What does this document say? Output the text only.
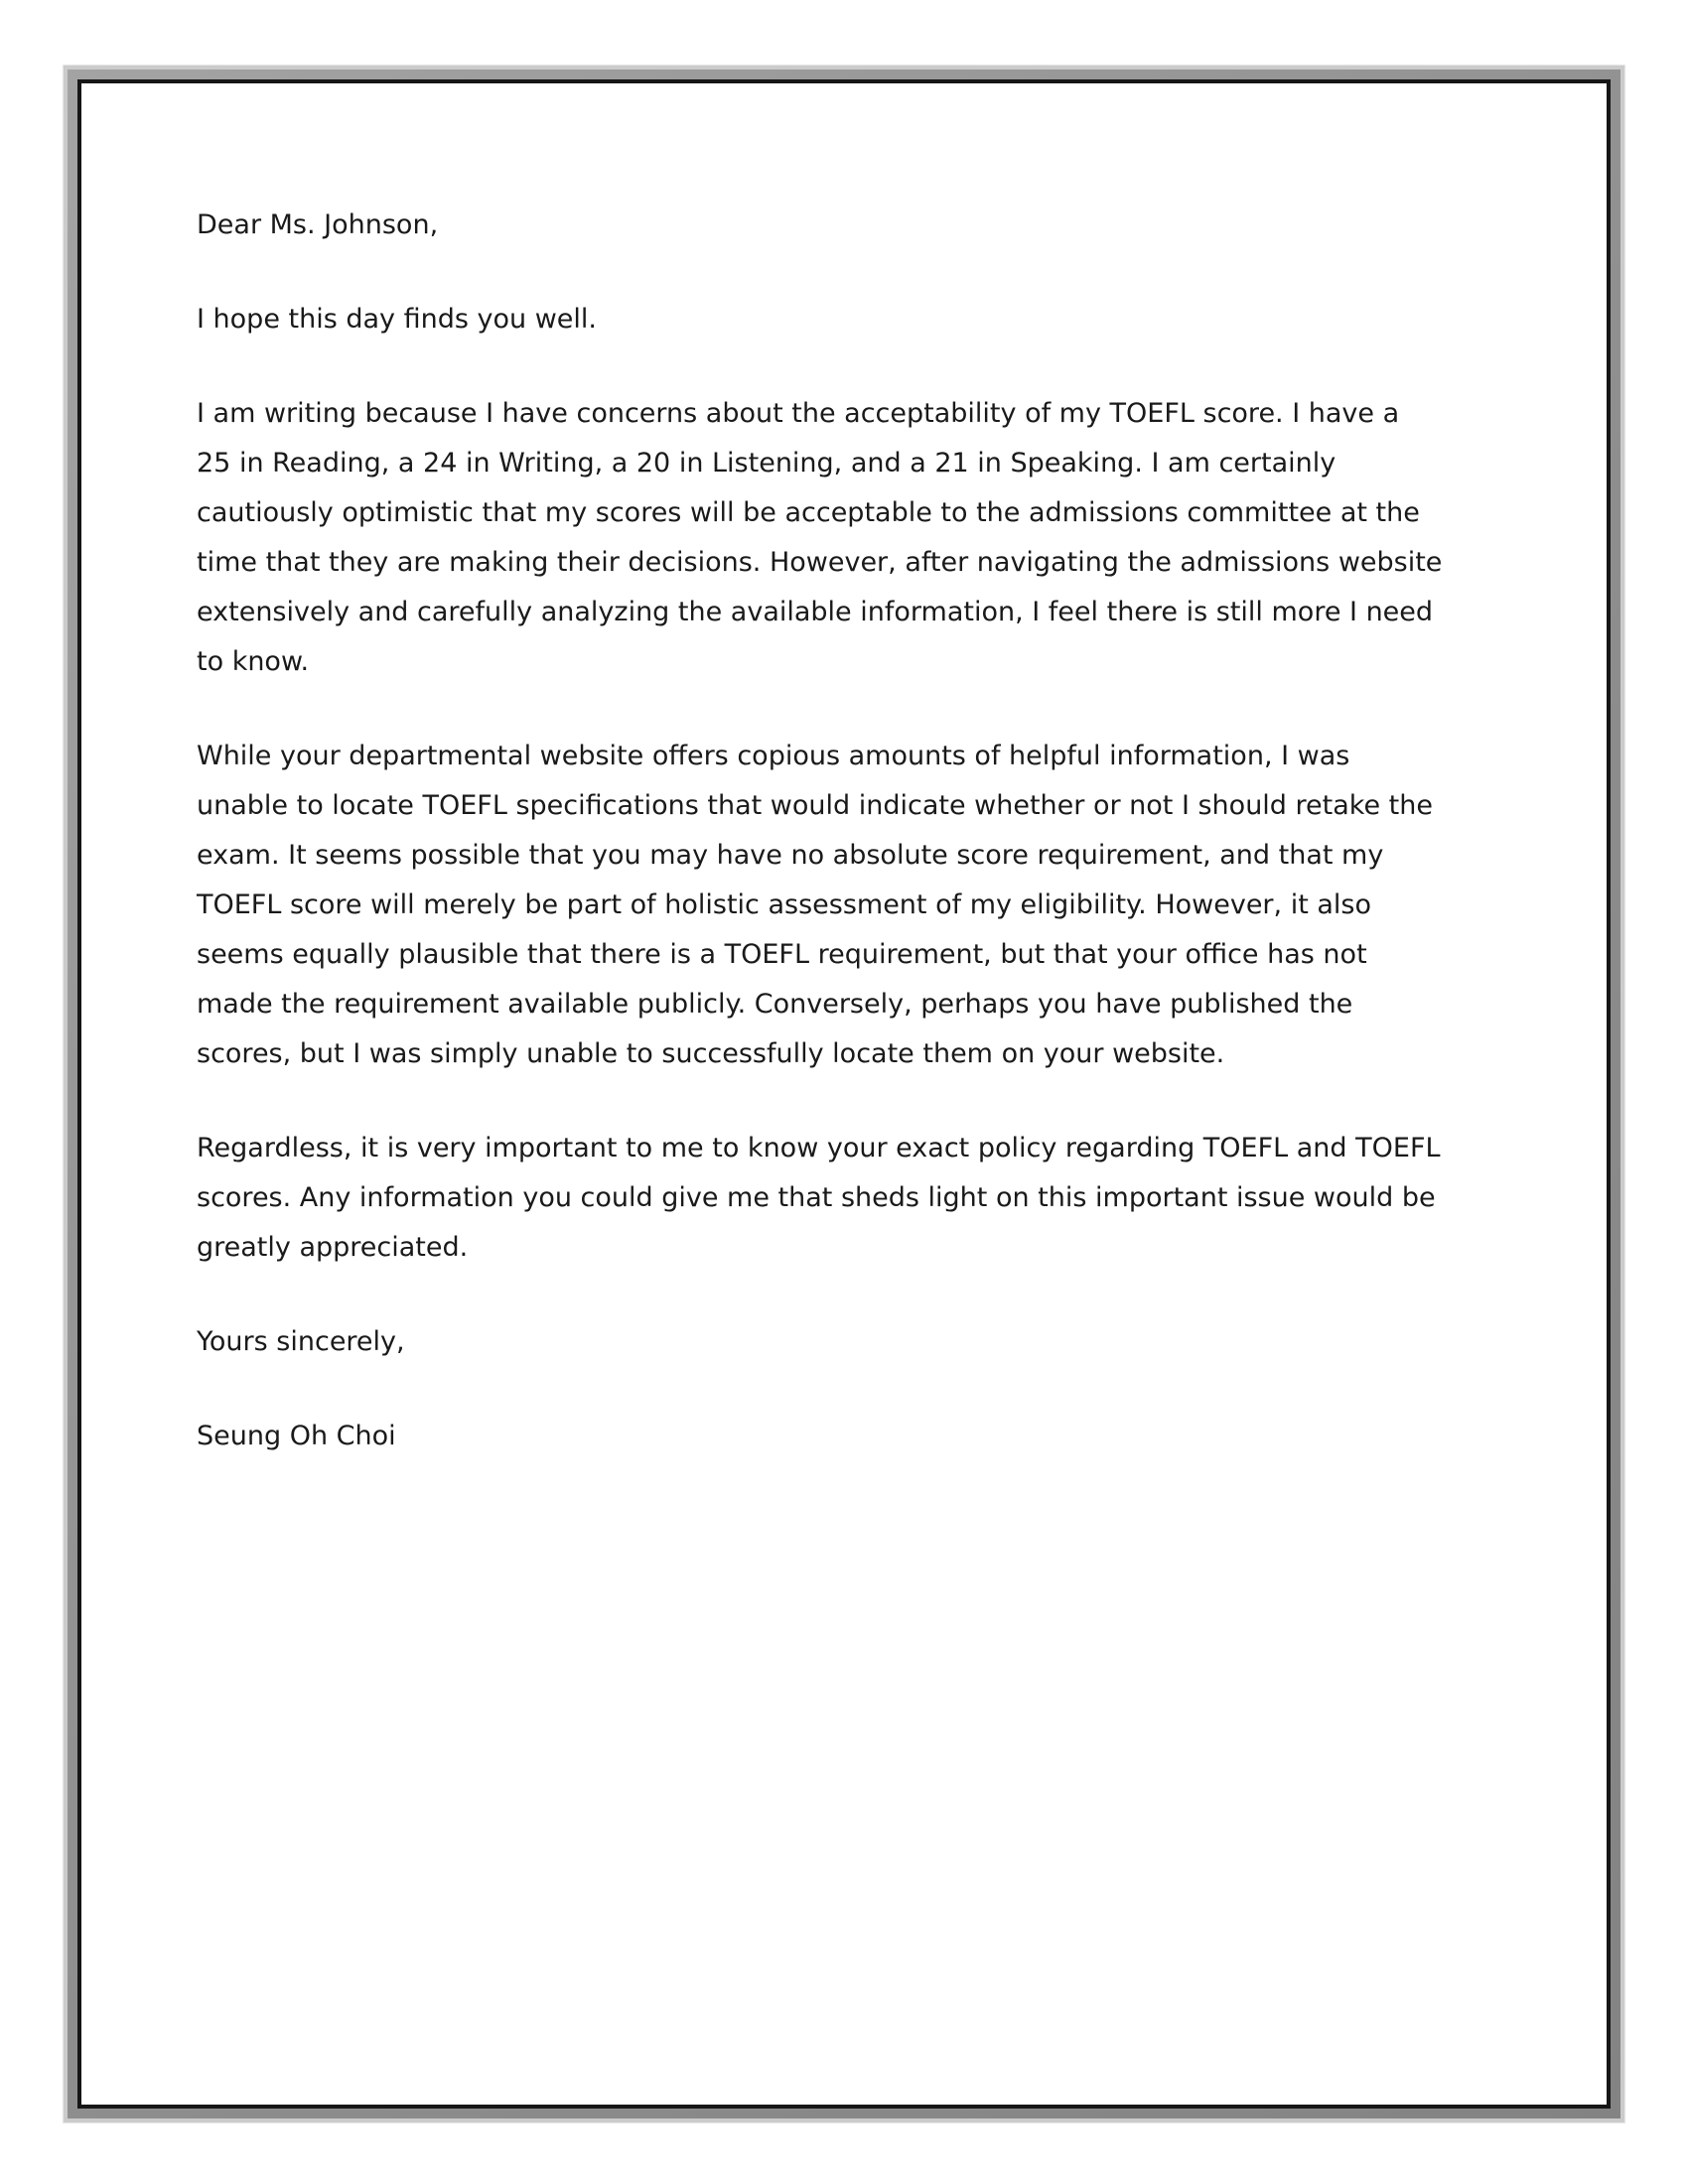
Dear Ms. Johnson,

I hope this day finds you well.

I am writing because I have concerns about the acceptability of my TOEFL score. I have a
25 in Reading, a 24 in Writing, a 20 in Listening, and a 21 in Speaking. I am certainly
cautiously optimistic that my scores will be acceptable to the admissions committee at the
time that they are making their decisions. However, after navigating the admissions website
extensively and carefully analyzing the available information, I feel there is still more I need
to know.

While your departmental website offers copious amounts of helpful information, I was
unable to locate TOEFL specifications that would indicate whether or not I should retake the
exam. It seems possible that you may have no absolute score requirement, and that my
TOEFL score will merely be part of holistic assessment of my eligibility. However, it also
seems equally plausible that there is a TOEFL requirement, but that your office has not
made the requirement available publicly. Conversely, perhaps you have published the
scores, but I was simply unable to successfully locate them on your website.

Regardless, it is very important to me to know your exact policy regarding TOEFL and TOEFL
scores. Any information you could give me that sheds light on this important issue would be
greatly appreciated.

Yours sincerely,

Seung Oh Choi
